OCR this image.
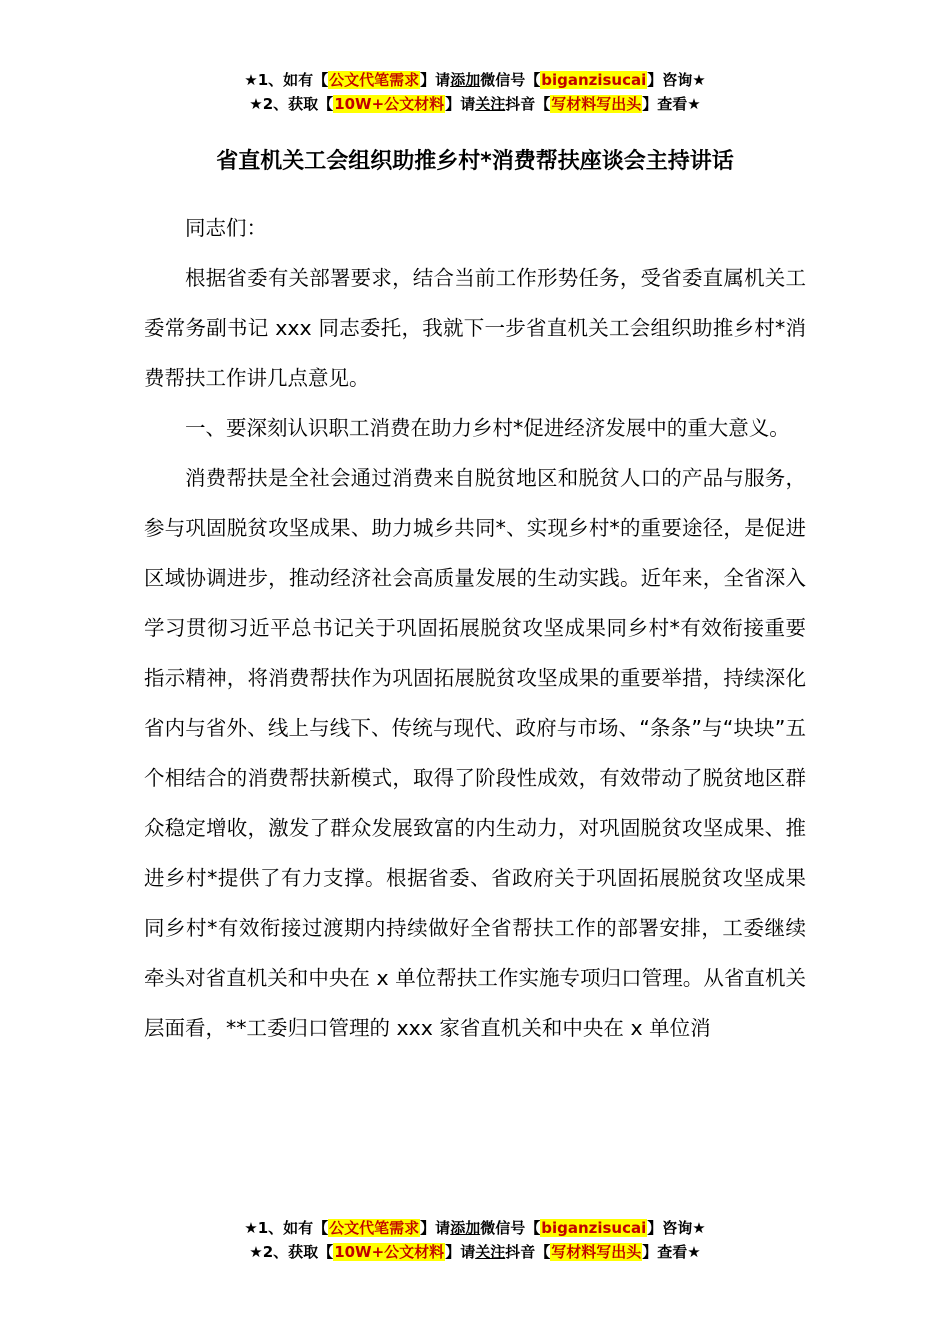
★1、如有【公文代笔需求】请添加微信号【biganzisucai】咨询★
★2、获取【10W+公文材料】请关注抖音【写材料写出头】查看★
省直机关工会组织助推乡村*消费帮扶座谈会主持讲话

同志们：

根据省委有关部署要求，结合当前工作形势任务，受省委直属机关工委常务副书记 xxx 同志委托，我就下一步省直机关工会组织助推乡村*消费帮扶工作讲几点意见。

一、要深刻认识职工消费在助力乡村*促进经济发展中的重大意义。

消费帮扶是全社会通过消费来自脱贫地区和脱贫人口的产品与服务，参与巩固脱贫攻坚成果、助力城乡共同*、实现乡村*的重要途径，是促进区域协调进步，推动经济社会高质量发展的生动实践。近年来，全省深入学习贯彻习近平总书记关于巩固拓展脱贫攻坚成果同乡村*有效衔接重要指示精神，将消费帮扶作为巩固拓展脱贫攻坚成果的重要举措，持续深化省内与省外、线上与线下、传统与现代、政府与市场、“条条”与“块块”五个相结合的消费帮扶新模式，取得了阶段性成效，有效带动了脱贫地区群众稳定增收，激发了群众发展致富的内生动力，对巩固脱贫攻坚成果、推进乡村*提供了有力支撑。根据省委、省政府关于巩固拓展脱贫攻坚成果同乡村*有效衔接过渡期内持续做好全省帮扶工作的部署安排，工委继续牵头对省直机关和中央在 x 单位帮扶工作实施专项归口管理。从省直机关层面看，**工委归口管理的 xxx 家省直机关和中央在 x 单位消

★1、如有【公文代笔需求】请添加微信号【biganzisucai】咨询★
★2、获取【10W+公文材料】请关注抖音【写材料写出头】查看★
